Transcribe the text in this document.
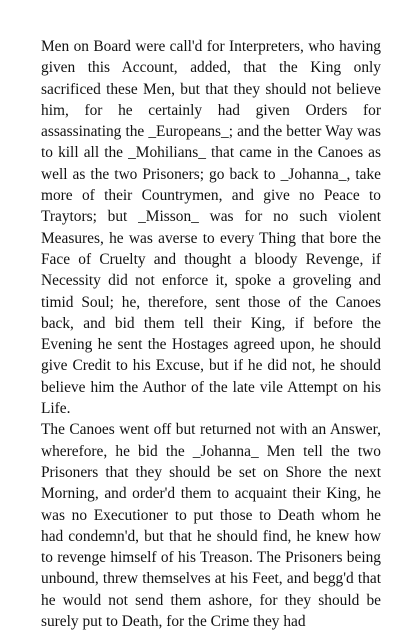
Men on Board were call'd for Interpreters, who having given this Account, added, that the King only sacrificed these Men, but that they should not believe him, for he certainly had given Orders for assassinating the _Europeans_; and the better Way was to kill all the _Mohilians_ that came in the Canoes as well as the two Prisoners; go back to _Johanna_, take more of their Countrymen, and give no Peace to Traytors; but _Misson_ was for no such violent Measures, he was averse to every Thing that bore the Face of Cruelty and thought a bloody Revenge, if Necessity did not enforce it, spoke a groveling and timid Soul; he, therefore, sent those of the Canoes back, and bid them tell their King, if before the Evening he sent the Hostages agreed upon, he should give Credit to his Excuse, but if he did not, he should believe him the Author of the late vile Attempt on his Life.

The Canoes went off but returned not with an Answer, wherefore, he bid the _Johanna_ Men tell the two Prisoners that they should be set on Shore the next Morning, and order'd them to acquaint their King, he was no Executioner to put those to Death whom he had condemn'd, but that he should find, he knew how to revenge himself of his Treason. The Prisoners being unbound, threw themselves at his Feet, and begg'd that he would not send them ashore, for they should be surely put to Death, for the Crime they had
